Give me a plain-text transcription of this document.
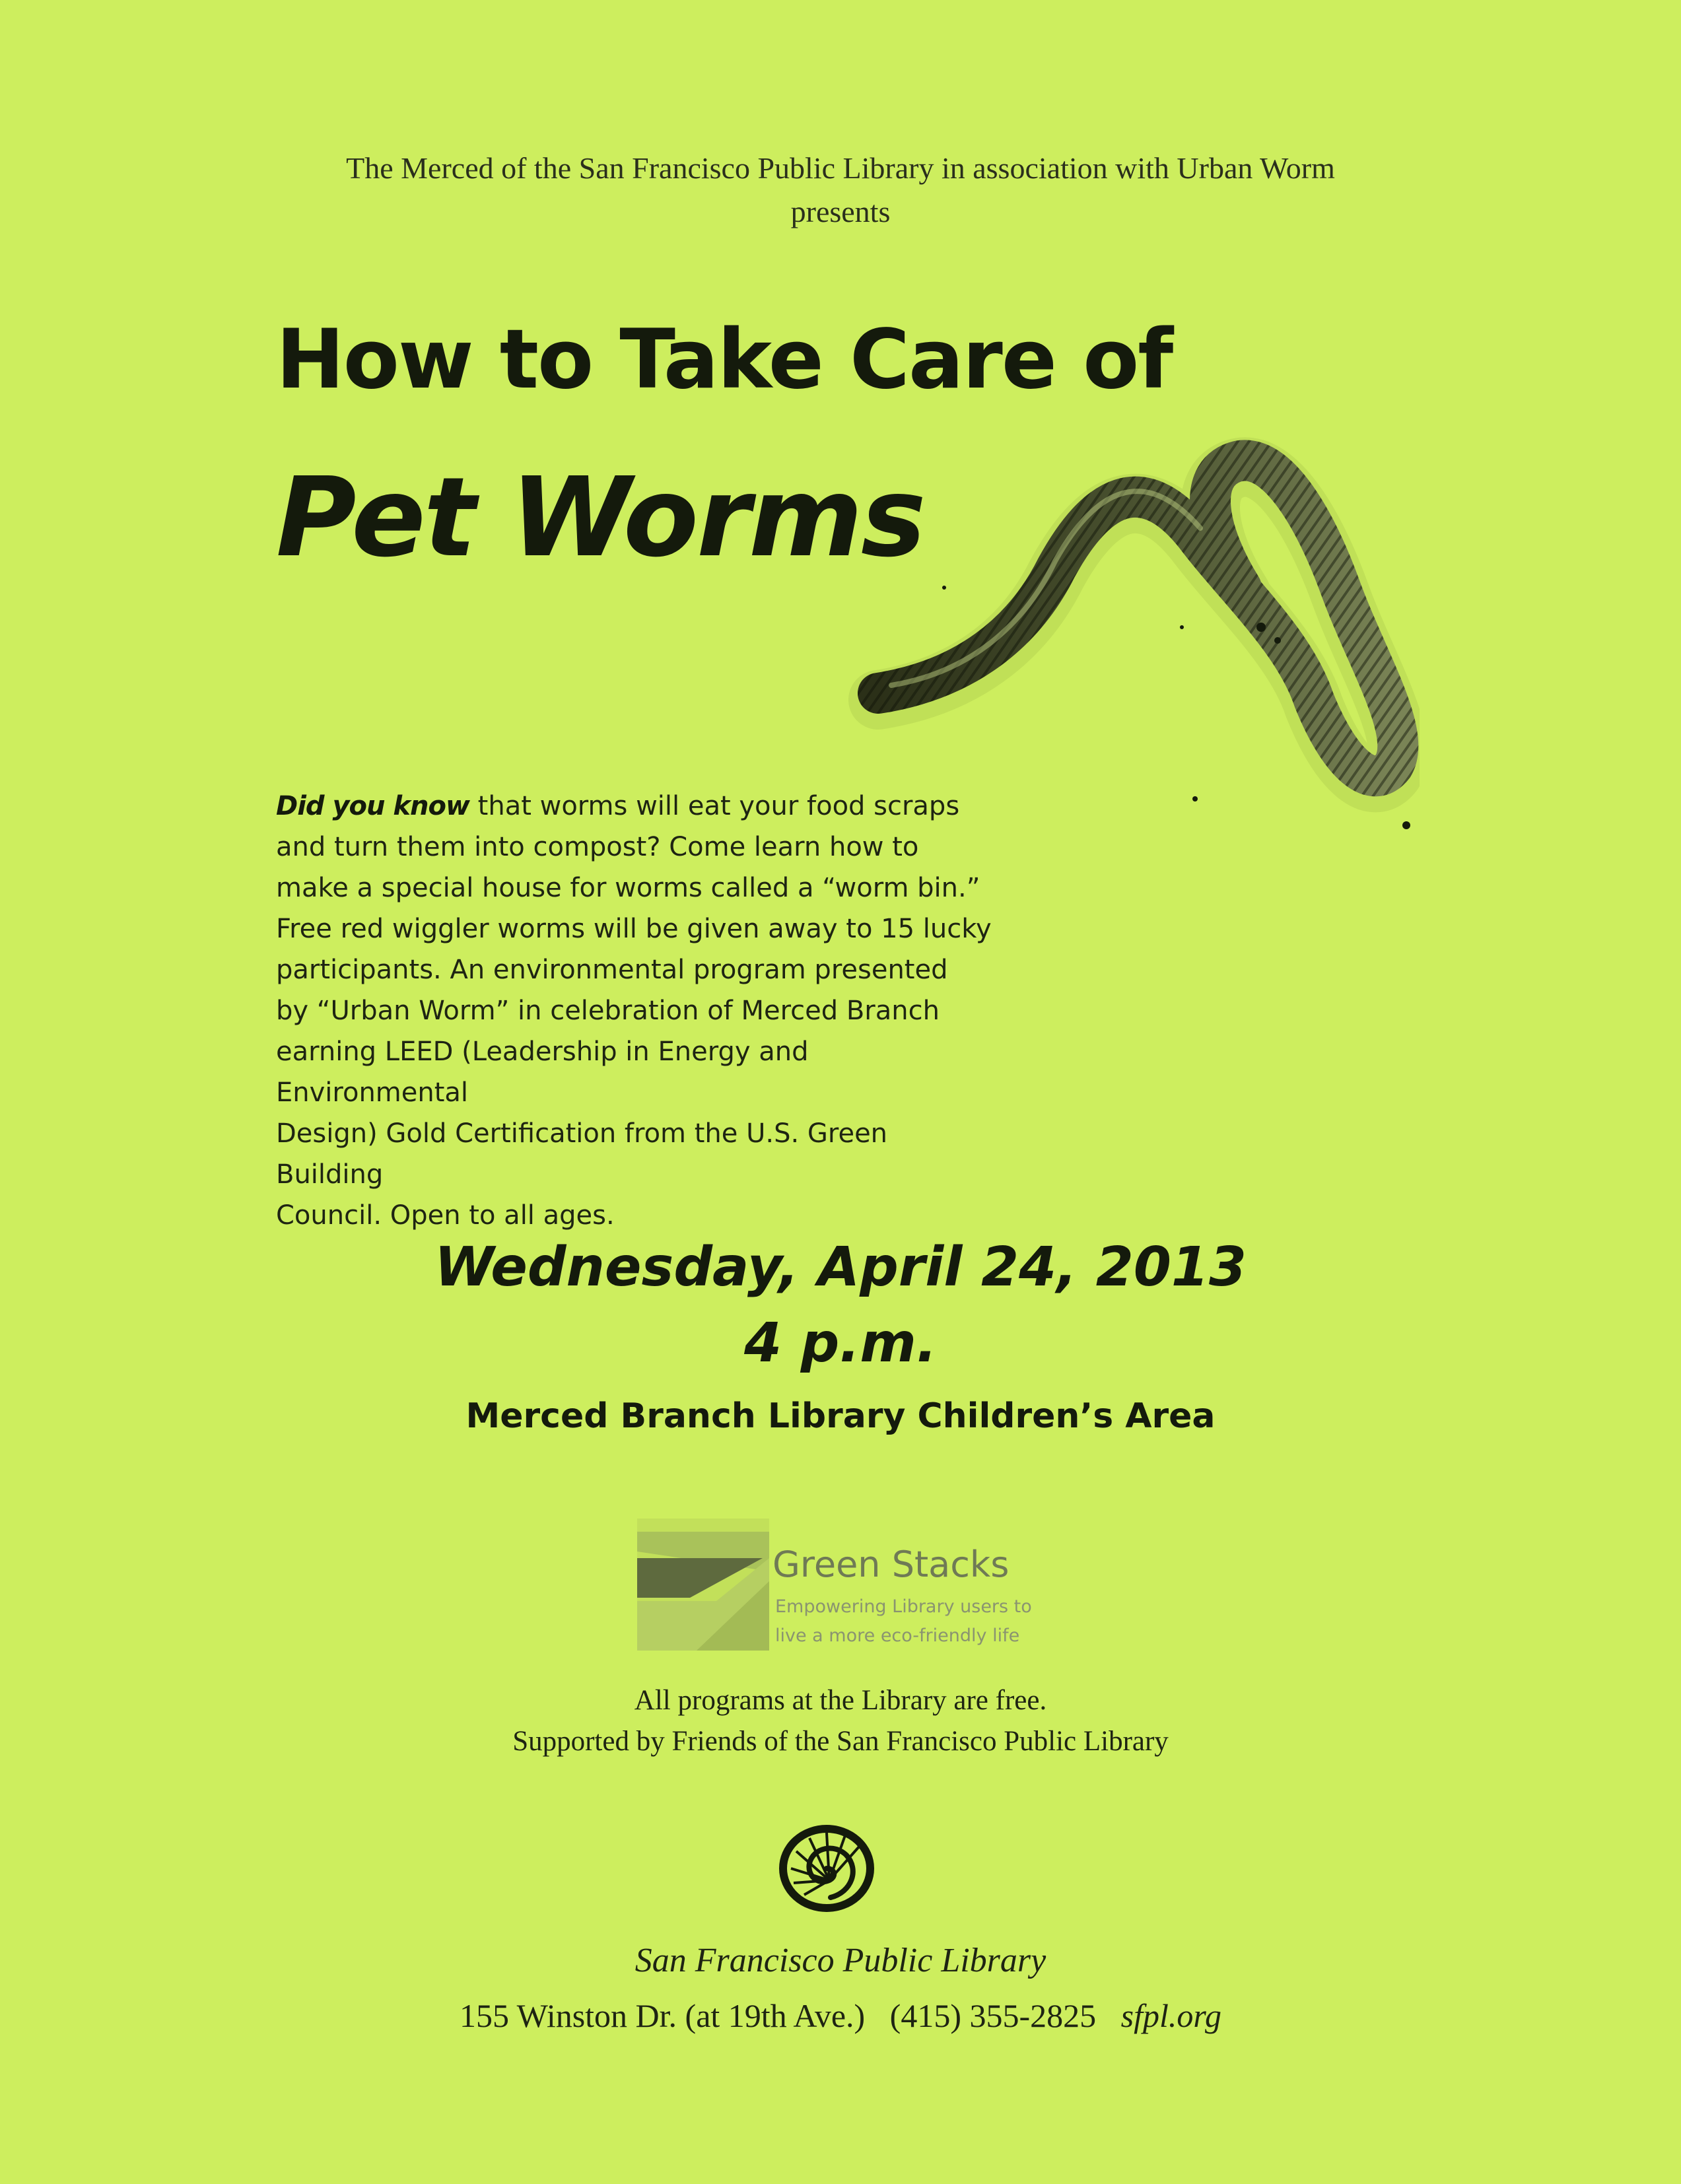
The Merced of the San Francisco Public Library in association with Urban Worm
presents
How to Take Care of
Pet Worms
Did you know that worms will eat your food scraps
and turn them into compost? Come learn how to
make a special house for worms called a “worm bin.”
Free red wiggler worms will be given away to 15 lucky
participants. An environmental program presented
by “Urban Worm” in celebration of Merced Branch
earning LEED (Leadership in Energy and Environmental
Design) Gold Certification from the U.S. Green Building
Council. Open to all ages.
Wednesday, April 24, 2013
4 p.m.
Merced Branch Library Children’s Area
Green Stacks
Empowering Library users to
live a more eco-friendly life
All programs at the Library are free.
Supported by Friends of the San Francisco Public Library
San Francisco Public Library
155 Winston Dr. (at 19th Ave.) (415) 355-2825 sfpl.org
